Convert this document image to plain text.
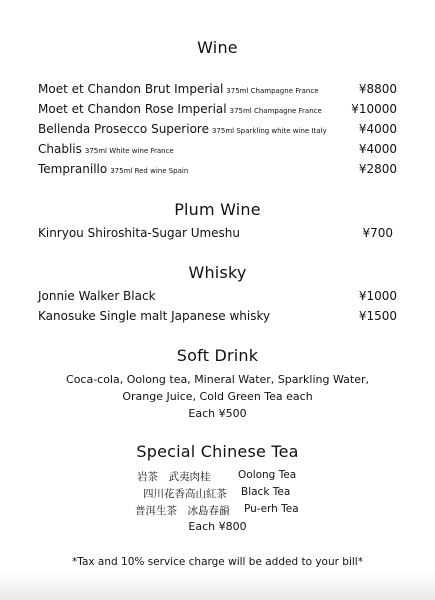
Wine
Moet et Chandon Brut Imperial 375ml Champagne France	¥8800
Moet et Chandon Rose Imperial 375ml Champagne France ¥10000
Bellenda Prosecco Superiore 375ml Sparkling white wine Italy	¥4000
Chablis 375ml White wine France	¥4000
Tempranillo 375ml Red wine Spain	¥2800
Plum Wine
Kinryou Shiroshita-Sugar Umeshu	¥700
Whisky
Jonnie Walker Black	¥1000
Kanosuke Single malt Japanese whisky	¥1500
Soft Drink
Coca-cola, Oolong tea, Mineral Water, Sparkling Water,
Orange Juice, Cold Green Tea each
Each ¥500
Special Chinese Tea
岩茶　武夷肉桂	Oolong Tea
四川花香高山紅茶 Black Tea
普洱生茶　冰島春韻 Pu-erh Tea
Each ¥800
*Tax and 10% service charge will be added to your bill*
